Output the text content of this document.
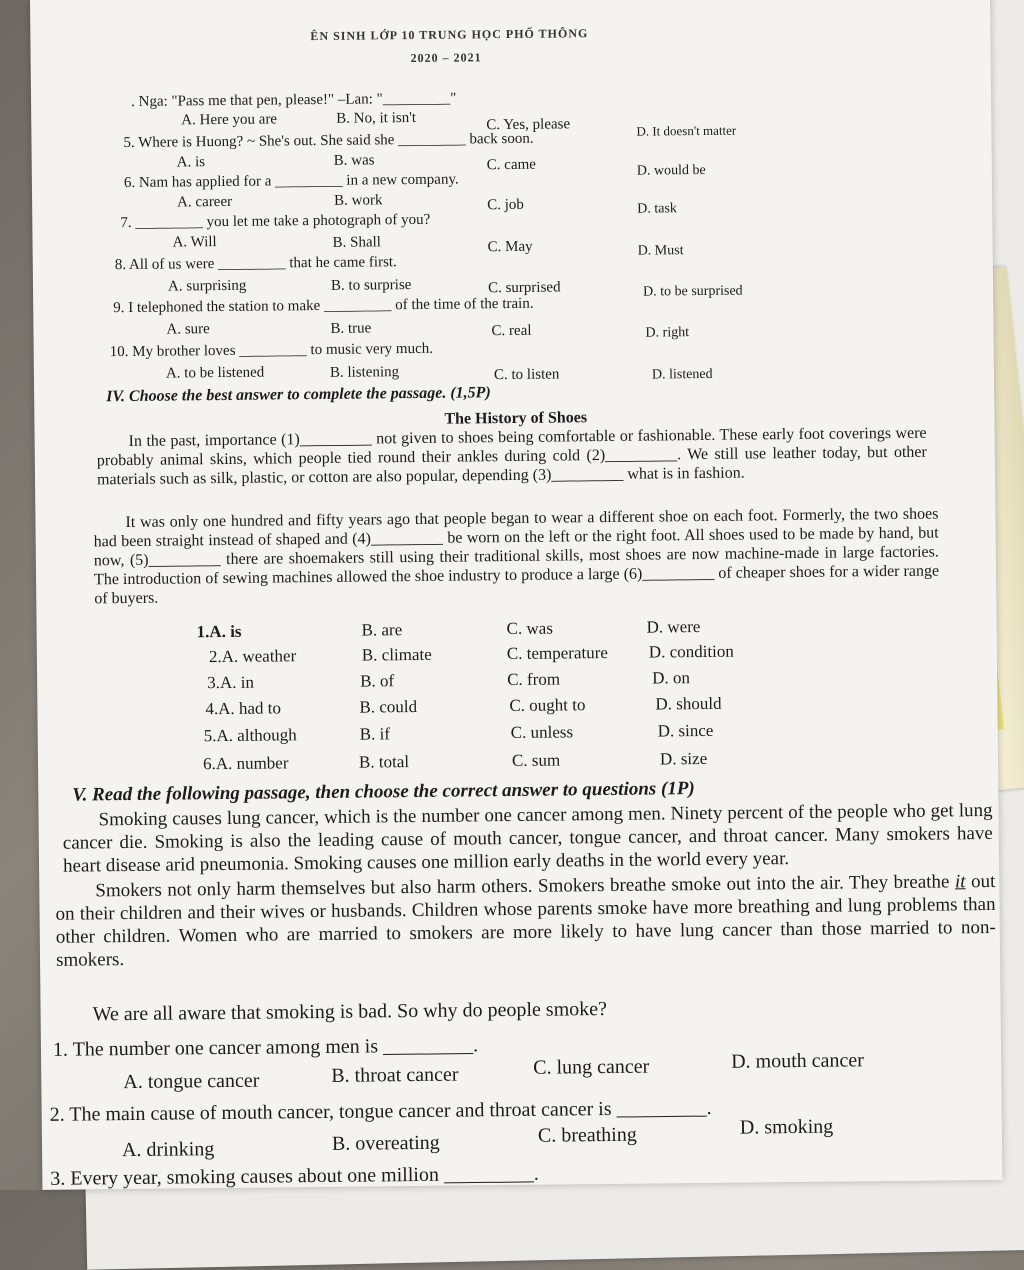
ÊN SINH LỚP 10 TRUNG HỌC PHỔ THÔNG
2020 – 2021
. Nga: "Pass me that pen, please!" –Lan: "_________"
A. Here you are	B. No, it isn't	C. Yes, please	D. It doesn't matter
5. Where is Huong? ~ She's out. She said she _________ back soon.
A. is	B. was	C. came	D. would be
6. Nam has applied for a _________ in a new company.
A. career	B. work	C. job	D. task
7. _________ you let me take a photograph of you?
A. Will	B. Shall	C. May	D. Must
8. All of us were _________ that he came first.
A. surprising	B. to surprise	C. surprised	D. to be surprised
9. I telephoned the station to make _________ of the time of the train.
A. sure	B. true	C. real	D. right
10. My brother loves _________ to music very much.
A. to be listened	B. listening	C. to listen	D. listened
IV. Choose the best answer to complete the passage. (1,5P)
The History of Shoes
In the past, importance (1)_________ not given to shoes being comfortable or fashionable. These early foot coverings were probably animal skins, which people tied round their ankles during cold (2)_________. We still use leather today, but other materials such as silk, plastic, or cotton are also popular, depending (3)_________ what is in fashion.
It was only one hundred and fifty years ago that people began to wear a different shoe on each foot. Formerly, the two shoes had been straight instead of shaped and (4)_________ be worn on the left or the right foot. All shoes used to be made by hand, but now, (5)_________ there are shoemakers still using their traditional skills, most shoes are now machine-made in large factories. The introduction of sewing machines allowed the shoe industry to produce a large (6)_________ of cheaper shoes for a wider range of buyers.
1.A. is	B. are	C. was	D. were
2.A. weather	B. climate	C. temperature D. condition
3.A. in	B. of	C. from	D. on
4.A. had to	B. could	C. ought to	D. should
5.A. although	B. if	C. unless	D. since
6.A. number	B. total	C. sum	D. size
V. Read the following passage, then choose the correct answer to questions (1P)
Smoking causes lung cancer, which is the number one cancer among men. Ninety percent of the people who get lung cancer die. Smoking is also the leading cause of mouth cancer, tongue cancer, and throat cancer. Many smokers have heart disease arid pneumonia. Smoking causes one million early deaths in the world every year.
Smokers not only harm themselves but also harm others. Smokers breathe smoke out into the air. They breathe it out on their children and their wives or husbands. Children whose parents smoke have more breathing and lung problems than other children. Women who are married to smokers are more likely to have lung cancer than those married to non- smokers.
We are all aware that smoking is bad. So why do people smoke?
1. The number one cancer among men is _________.
A. tongue cancer	B. throat cancer	C. lung cancer	D. mouth cancer
2. The main cause of mouth cancer, tongue cancer and throat cancer is _________.
A. drinking	B. overeating	C. breathing	D. smoking
3. Every year, smoking causes about one million _________.
